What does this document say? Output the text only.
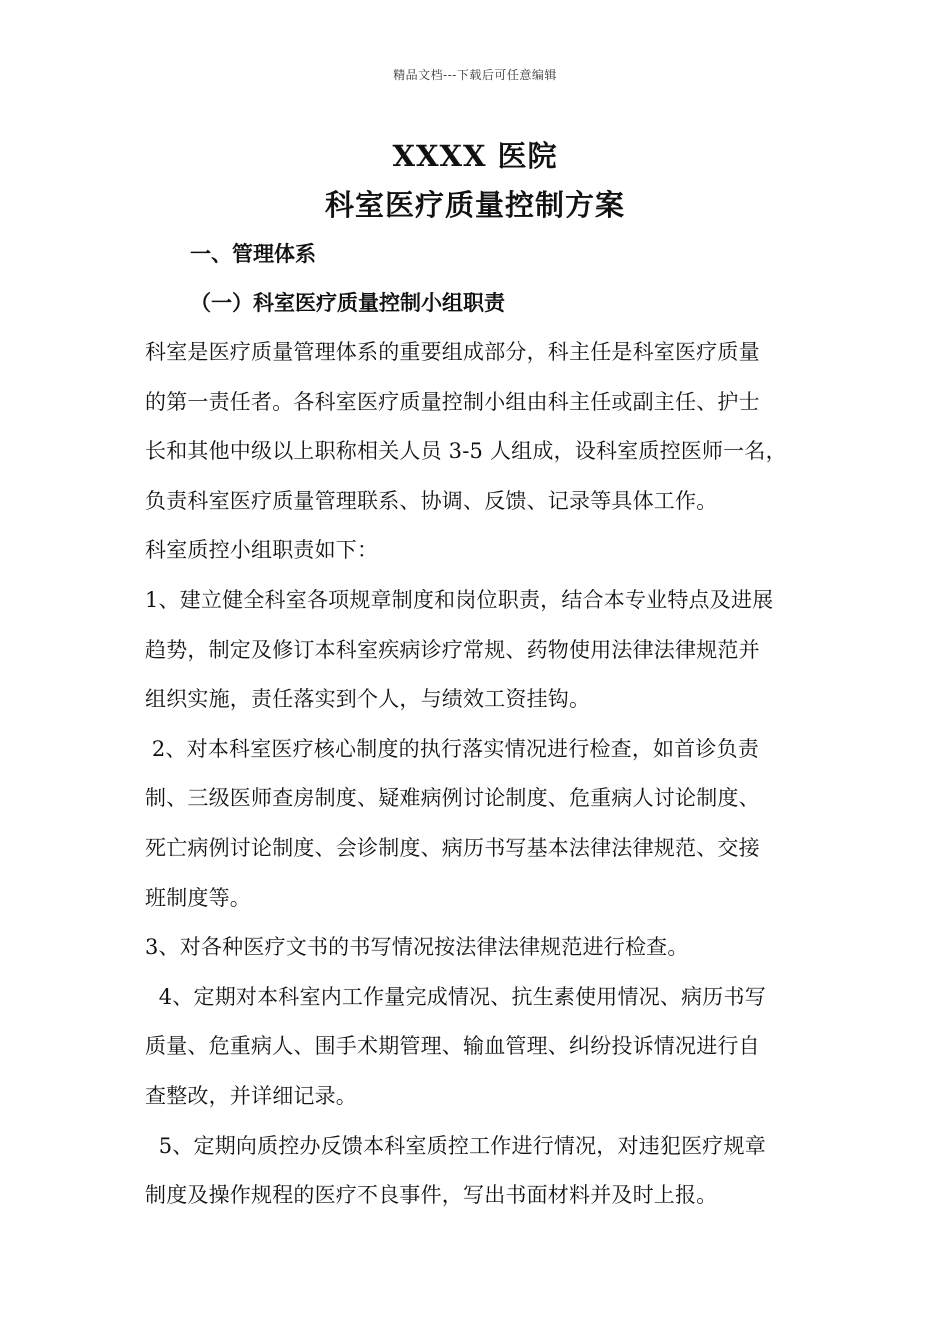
精品文档---下载后可任意编辑
XXXX 医院
科室医疗质量控制方案
一、管理体系
（一）科室医疗质量控制小组职责
科室是医疗质量管理体系的重要组成部分，科主任是科室医疗质量
的第一责任者。各科室医疗质量控制小组由科主任或副主任、护士
长和其他中级以上职称相关人员 3-5 人组成，设科室质控医师一名，
负责科室医疗质量管理联系、协调、反馈、记录等具体工作。
科室质控小组职责如下：
1、建立健全科室各项规章制度和岗位职责，结合本专业特点及进展
趋势，制定及修订本科室疾病诊疗常规、药物使用法律法律规范并
组织实施，责任落实到个人，与绩效工资挂钩。
2、对本科室医疗核心制度的执行落实情况进行检查，如首诊负责
制、三级医师查房制度、疑难病例讨论制度、危重病人讨论制度、
死亡病例讨论制度、会诊制度、病历书写基本法律法律规范、交接
班制度等。
3、对各种医疗文书的书写情况按法律法律规范进行检查。
4、定期对本科室内工作量完成情况、抗生素使用情况、病历书写
质量、危重病人、围手术期管理、输血管理、纠纷投诉情况进行自
查整改，并详细记录。
5、定期向质控办反馈本科室质控工作进行情况，对违犯医疗规章
制度及操作规程的医疗不良事件，写出书面材料并及时上报。
